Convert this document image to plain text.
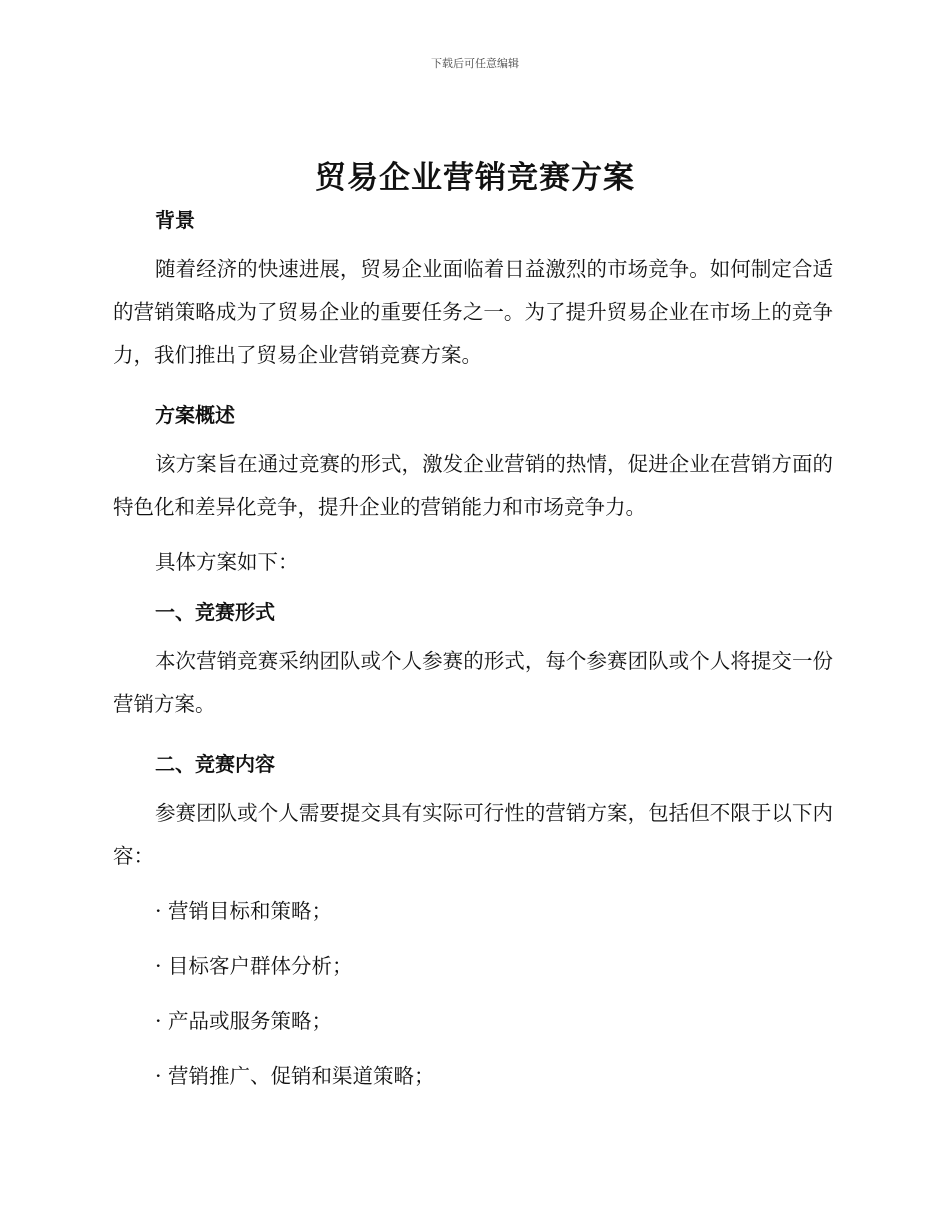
下载后可任意编辑
贸易企业营销竞赛方案

背景

随着经济的快速进展，贸易企业面临着日益激烈的市场竞争。如何制定合适的营销策略成为了贸易企业的重要任务之一。为了提升贸易企业在市场上的竞争力，我们推出了贸易企业营销竞赛方案。

方案概述

该方案旨在通过竞赛的形式，激发企业营销的热情，促进企业在营销方面的特色化和差异化竞争，提升企业的营销能力和市场竞争力。

具体方案如下：

一、竞赛形式

本次营销竞赛采纳团队或个人参赛的形式，每个参赛团队或个人将提交一份营销方案。

二、竞赛内容

参赛团队或个人需要提交具有实际可行性的营销方案，包括但不限于以下内容：

· 营销目标和策略；

· 目标客户群体分析；

· 产品或服务策略；

· 营销推广、促销和渠道策略；
